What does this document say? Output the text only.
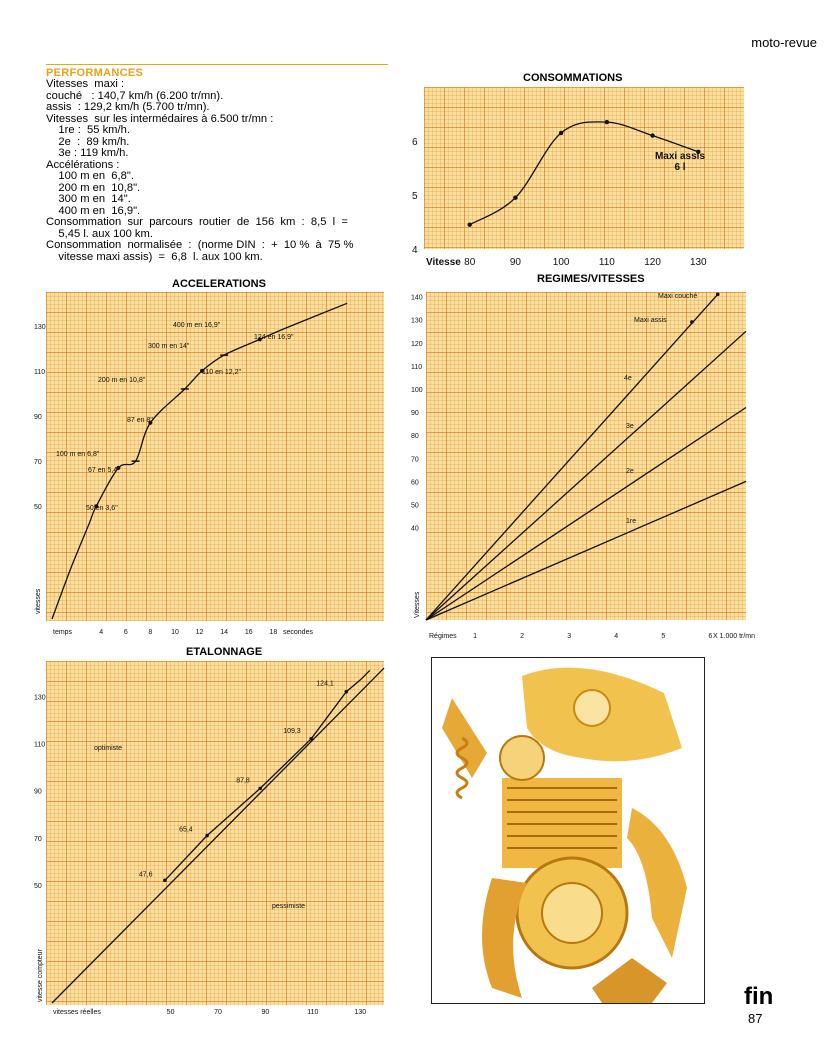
moto-revue
PERFORMANCES
Vitesses  maxi :
couché   : 140,7 km/h (6.200 tr/mn).
assis  : 129,2 km/h (5.700 tr/mn).
Vitesses  sur les intermédaires à 6.500 tr/mn :
1re :  55 km/h.
2e  :  89 km/h.
3e : 119 km/h.
Accélérations :
100 m en  6,8".
200 m en  10,8".
300 m en  14".
400 m en  16,9".
Consommation  sur  parcours  routier  de  156  km  :  8,5  l  =
5,45 l. aux 100 km.
Consommation  normalisée  :  (norme DIN  :  +  10 %  à  75 %
vitesse maxi assis)  =  6,8  l. aux 100 km.
CONSOMMATIONS
4
5
6
80	90	100	110	120	130
Vitesse
Maxi assis
6 l
ACCELERATIONS
50
70
90
110
130
4	6	8	10 12 14 16 18
temps	secondes
vitesses
100 m en 6,8"
67 en 5,4"
50 en 3,6"
87 en 8"
200 m en 10,8"
110 en 12,2"
300 m en 14"
400 m en 16,9"
124 en 16,9"
REGIMES/VITESSES
1re
2e
3e
4e
Maxi couché
Maxi assis
40
50
60
70
80
90
100
110
120
130
140
1	2	3	4	5	6
Régimes	X 1.000 tr/mn
Vitesses
ETALONNAGE
47,6
65,4
87,8
109,3
124,1
50
70
90
110
130
50	70	90	110	130
vitesses réelles
vitesse compteur
optimiste
pessimiste
fin
87
